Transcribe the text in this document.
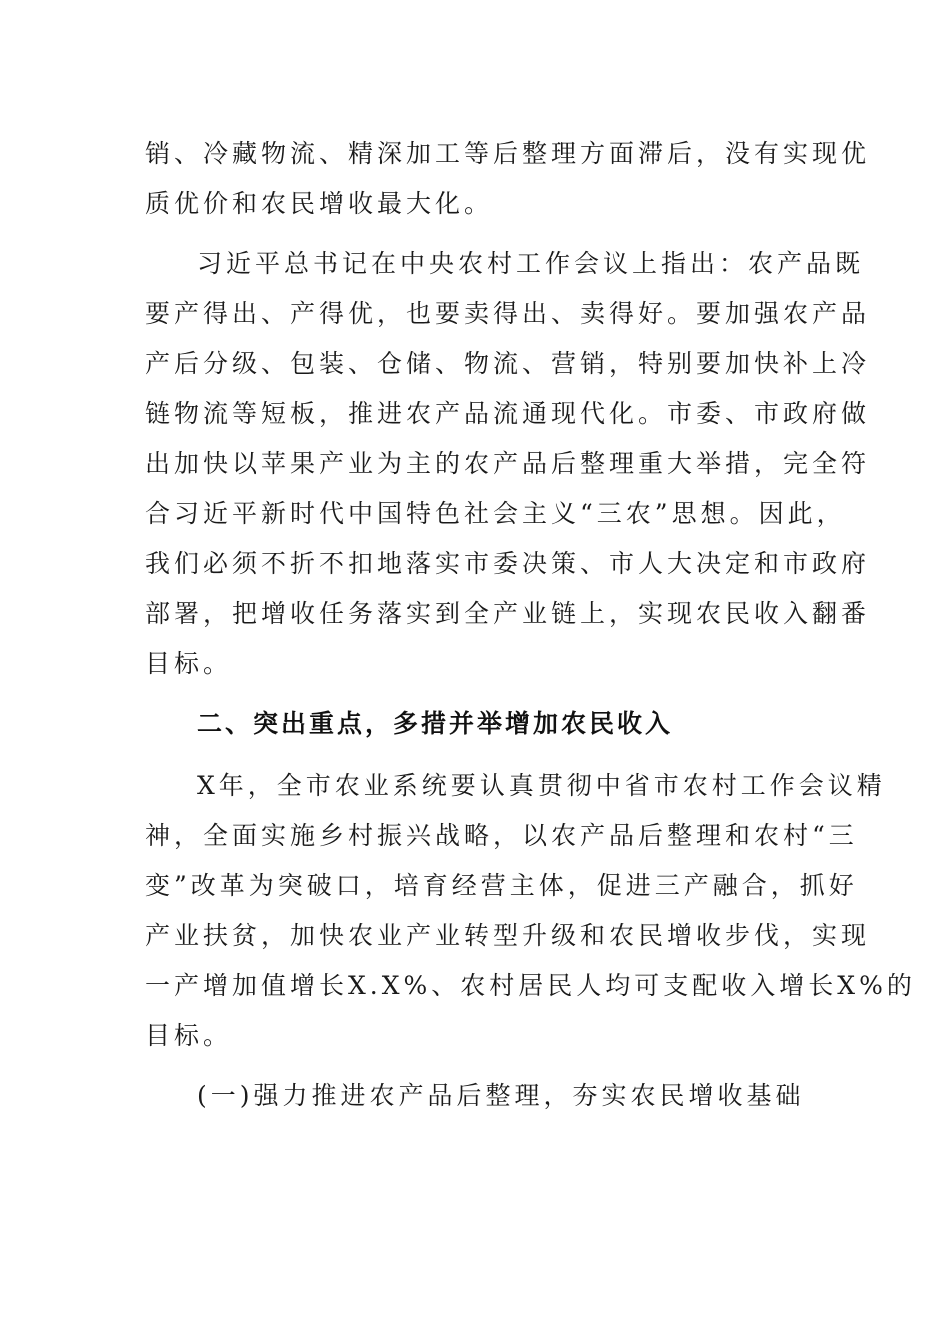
销、冷藏物流、精深加工等后整理方面滞后，没有实现优
质优价和农民增收最大化。
习近平总书记在中央农村工作会议上指出：农产品既
要产得出、产得优，也要卖得出、卖得好。要加强农产品
产后分级、包装、仓储、物流、营销，特别要加快补上冷
链物流等短板，推进农产品流通现代化。市委、市政府做
出加快以苹果产业为主的农产品后整理重大举措，完全符
合习近平新时代中国特色社会主义“三农”思想。因此，
我们必须不折不扣地落实市委决策、市人大决定和市政府
部署，把增收任务落实到全产业链上，实现农民收入翻番
目标。
二、突出重点，多措并举增加农民收入
X年，全市农业系统要认真贯彻中省市农村工作会议精
神，全面实施乡村振兴战略，以农产品后整理和农村“三
变”改革为突破口，培育经营主体，促进三产融合，抓好
产业扶贫，加快农业产业转型升级和农民增收步伐，实现
一产增加值增长X.X%、农村居民人均可支配收入增长X%的
目标。
(一)强力推进农产品后整理，夯实农民增收基础
